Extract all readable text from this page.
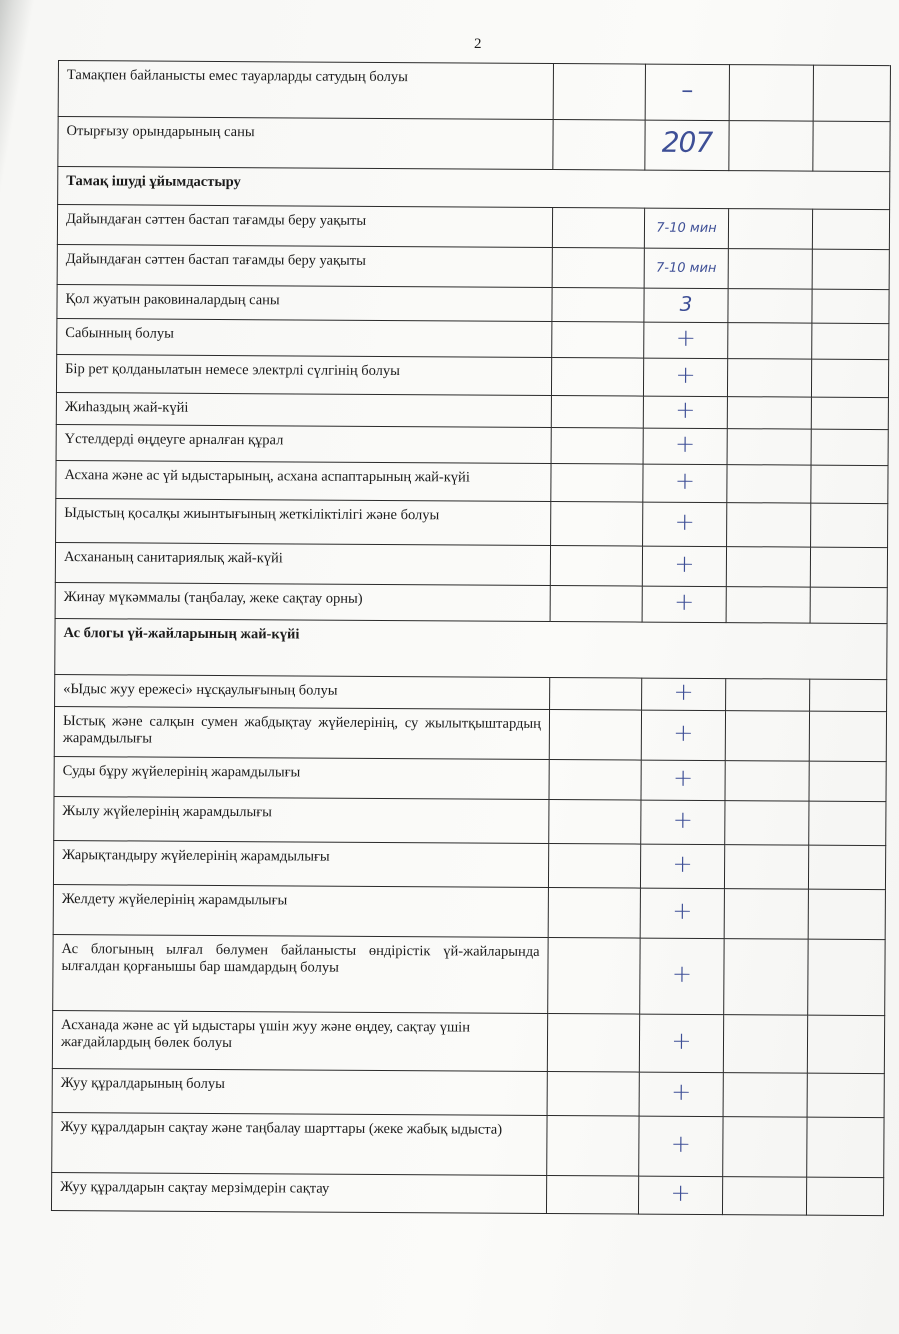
2
Тамақпен байланысты емес тауарларды сатудың болуы		–		
Отырғызу орындарының саны		207		
Тамақ ішуді ұйымдастыру				
Дайындаған сәттен бастап тағамды беру уақыты		7-10 мин		
Дайындаған сәттен бастап тағамды беру уақыты		7-10 мин		
Қол жуатын раковиналардың саны		3		
Сабынның болуы		+		
Бір рет қолданылатын немесе электрлі сүлгінің болуы		+		
Жиһаздың жай-күйі		+		
Үстелдерді өңдеуге арналған құрал		+		
Асхана және ас үй ыдыстарының, асхана аспаптарының жай-күйі		+		
Ыдыстың қосалқы жиынтығының жеткіліктілігі және болуы		+		
Асхананың санитариялық жай-күйі		+		
Жинау мүкәммалы (таңбалау, жеке сақтау орны)		+		
Ас блогы үй-жайларының жай-күйі				
«Ыдыс жуу ережесі» нұсқаулығының болуы		+		
Ыстық және салқын сумен жабдықтау жүйелерінің, су жылытқыштардың жарамдылығы		+		
Суды бұру жүйелерінің жарамдылығы		+		
Жылу жүйелерінің жарамдылығы		+		
Жарықтандыру жүйелерінің жарамдылығы		+		
Желдету жүйелерінің жарамдылығы		+		
Ас блогының ылғал бөлумен байланысты өндірістік үй-жайларында ылғалдан қорғанышы бар шамдардың болуы		+		
Асханада және ас үй ыдыстары үшін жуу және өңдеу, сақтау үшін жағдайлардың бөлек болуы		+		
Жуу құралдарының болуы		+		
Жуу құралдарын сақтау және таңбалау шарттары (жеке жабық ыдыста)		+		
Жуу құралдарын сақтау мерзімдерін сақтау		+		
